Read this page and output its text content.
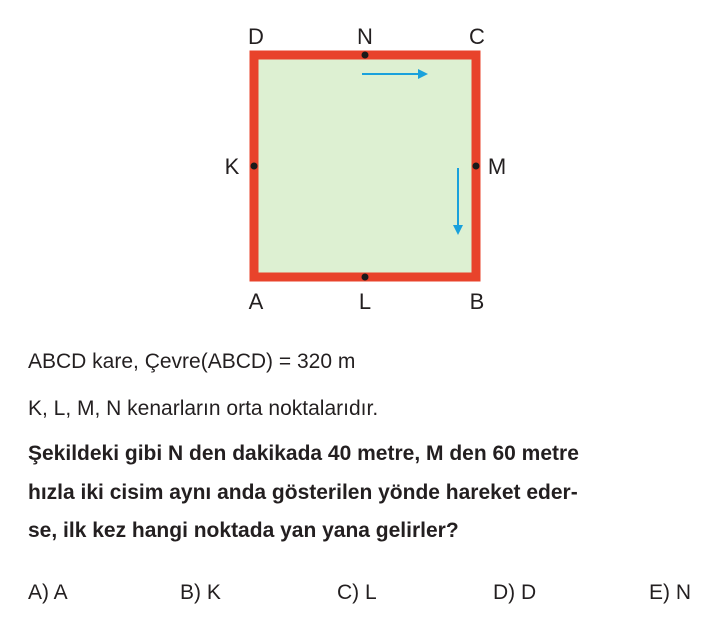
D	C
A	B
N
L
K	M
ABCD kare, Çevre(ABCD) = 320 m
K, L, M, N kenarların orta noktalarıdır.
Şekildeki gibi N den dakikada 40 metre, M den 60 metre
hızla iki cisim aynı anda gösterilen yönde hareket eder-
se, ilk kez hangi noktada yan yana gelirler?
A) A	B) K	C) L	D) D	E) N
